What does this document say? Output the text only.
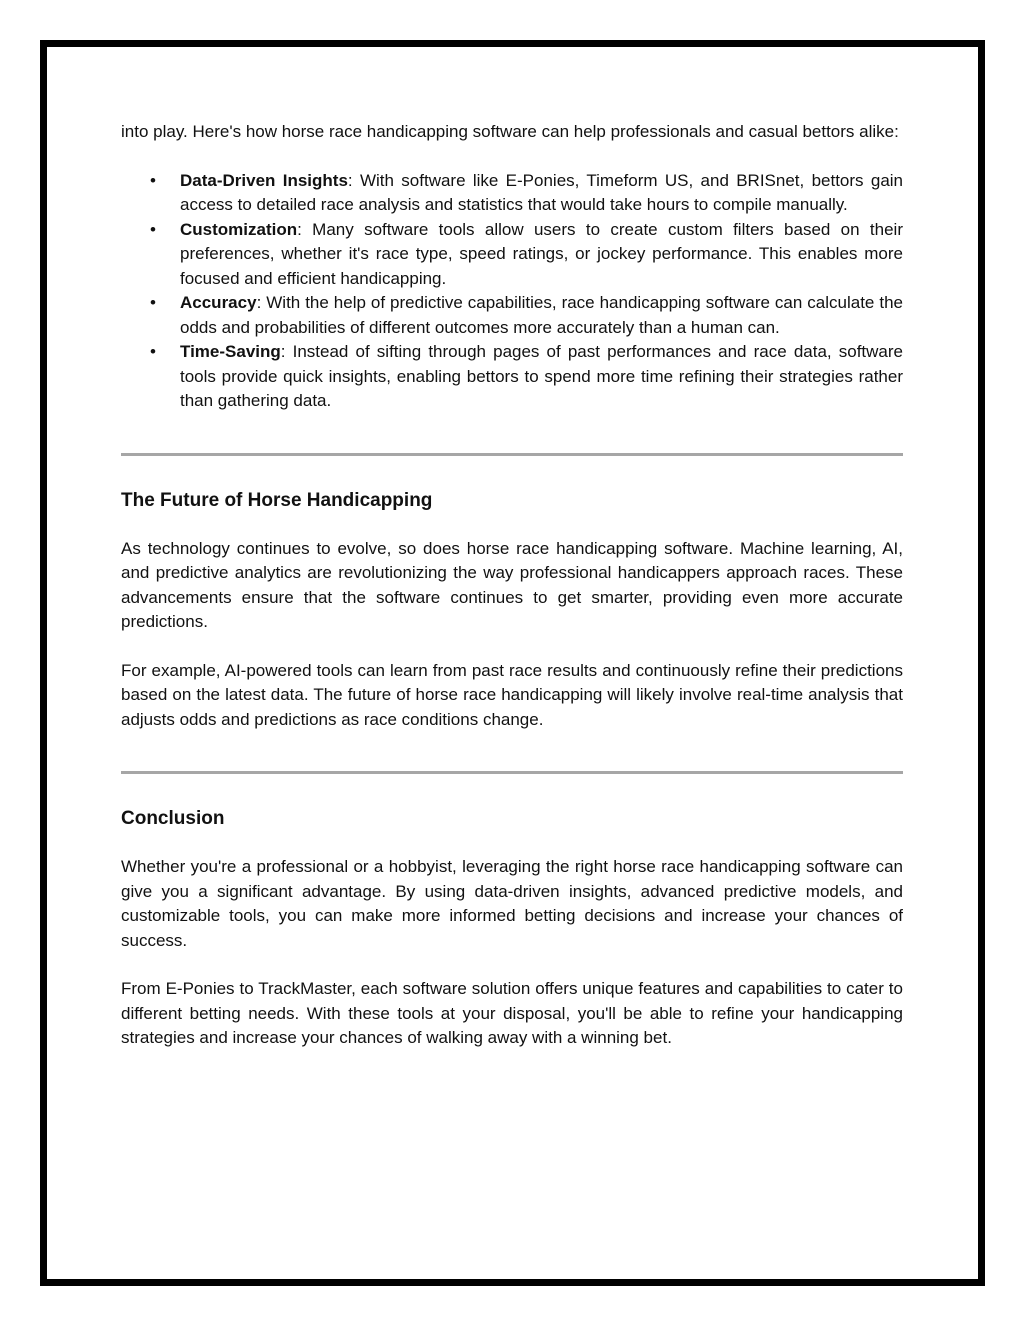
into play. Here's how horse race handicapping software can help professionals and casual bettors alike:

• Data-Driven Insights: With software like E-Ponies, Timeform US, and BRISnet, bettors gain access to detailed race analysis and statistics that would take hours to compile manually.
• Customization: Many software tools allow users to create custom filters based on their preferences, whether it's race type, speed ratings, or jockey performance. This enables more focused and efficient handicapping.
• Accuracy: With the help of predictive capabilities, race handicapping software can calculate the odds and probabilities of different outcomes more accurately than a human can.
• Time-Saving: Instead of sifting through pages of past performances and race data, software tools provide quick insights, enabling bettors to spend more time refining their strategies rather than gathering data.
The Future of Horse Handicapping

As technology continues to evolve, so does horse race handicapping software. Machine learning, AI, and predictive analytics are revolutionizing the way professional handicappers approach races. These advancements ensure that the software continues to get smarter, providing even more accurate predictions.

For example, AI-powered tools can learn from past race results and continuously refine their predictions based on the latest data. The future of horse race handicapping will likely involve real-time analysis that adjusts odds and predictions as race conditions change.

Conclusion

Whether you're a professional or a hobbyist, leveraging the right horse race handicapping software can give you a significant advantage. By using data-driven insights, advanced predictive models, and customizable tools, you can make more informed betting decisions and increase your chances of success.

From E-Ponies to TrackMaster, each software solution offers unique features and capabilities to cater to different betting needs. With these tools at your disposal, you'll be able to refine your handicapping strategies and increase your chances of walking away with a winning bet.
